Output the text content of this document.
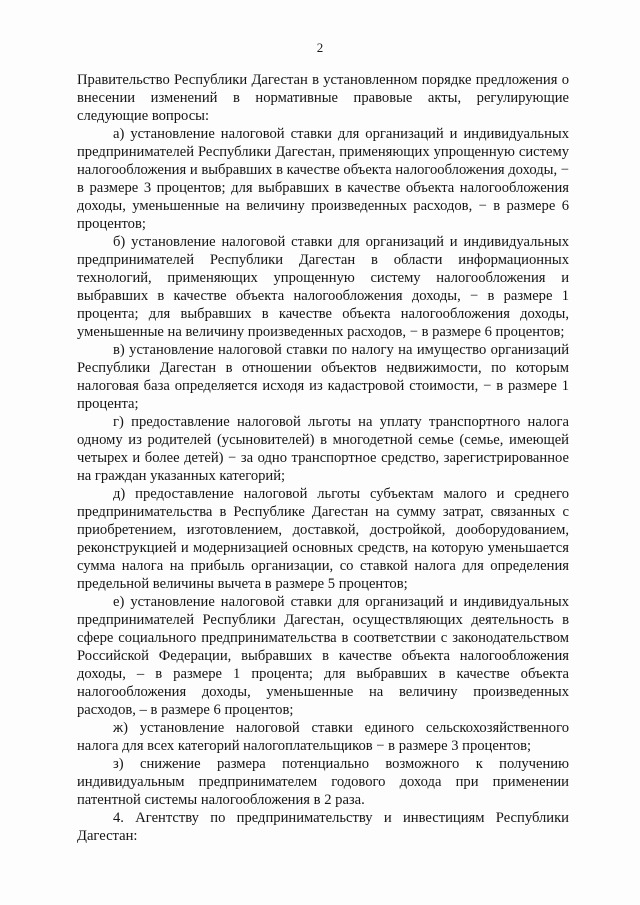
2

Правительство Республики Дагестан в установленном порядке предложения о внесении изменений в нормативные правовые акты, регулирующие следующие вопросы:

а) установление налоговой ставки для организаций и индивидуальных предпринимателей Республики Дагестан, применяющих упрощенную систему налогообложения и выбравших в качестве объекта налогообложения доходы, − в размере 3 процентов; для выбравших в качестве объекта налогообложения доходы, уменьшенные на величину произведенных расходов, − в размере 6 процентов;

б) установление налоговой ставки для организаций и индивидуальных предпринимателей Республики Дагестан в области информационных технологий, применяющих упрощенную систему налогообложения и выбравших в качестве объекта налогообложения доходы, − в размере 1 процента; для выбравших в качестве объекта налогообложения доходы, уменьшенные на величину произведенных расходов, − в размере 6 процентов;

в) установление налоговой ставки по налогу на имущество организаций Республики Дагестан в отношении объектов недвижимости, по которым налоговая база определяется исходя из кадастровой стоимости, − в размере 1 процента;

г) предоставление налоговой льготы на уплату транспортного налога одному из родителей (усыновителей) в многодетной семье (семье, имеющей четырех и более детей) − за одно транспортное средство, зарегистрированное на граждан указанных категорий;

д) предоставление налоговой льготы субъектам малого и среднего предпринимательства в Республике Дагестан на сумму затрат, связанных с приобретением, изготовлением, доставкой, достройкой, дооборудованием, реконструкцией и модернизацией основных средств, на которую уменьшается сумма налога на прибыль организации, со ставкой налога для определения предельной величины вычета в размере 5 процентов;

е) установление налоговой ставки для организаций и индивидуальных предпринимателей Республики Дагестан, осуществляющих деятельность в сфере социального предпринимательства в соответствии с законодательством Российской Федерации, выбравших в качестве объекта налогообложения доходы, – в размере 1 процента; для выбравших в качестве объекта налогообложения доходы, уменьшенные на величину произведенных расходов, – в размере 6 процентов;

ж) установление налоговой ставки единого сельскохозяйственного налога для всех категорий налогоплательщиков − в размере 3 процентов;

з) снижение размера потенциально возможного к получению индивидуальным предпринимателем годового дохода при применении патентной системы налогообложения в 2 раза.

4. Агентству по предпринимательству и инвестициям Республики Дагестан:
